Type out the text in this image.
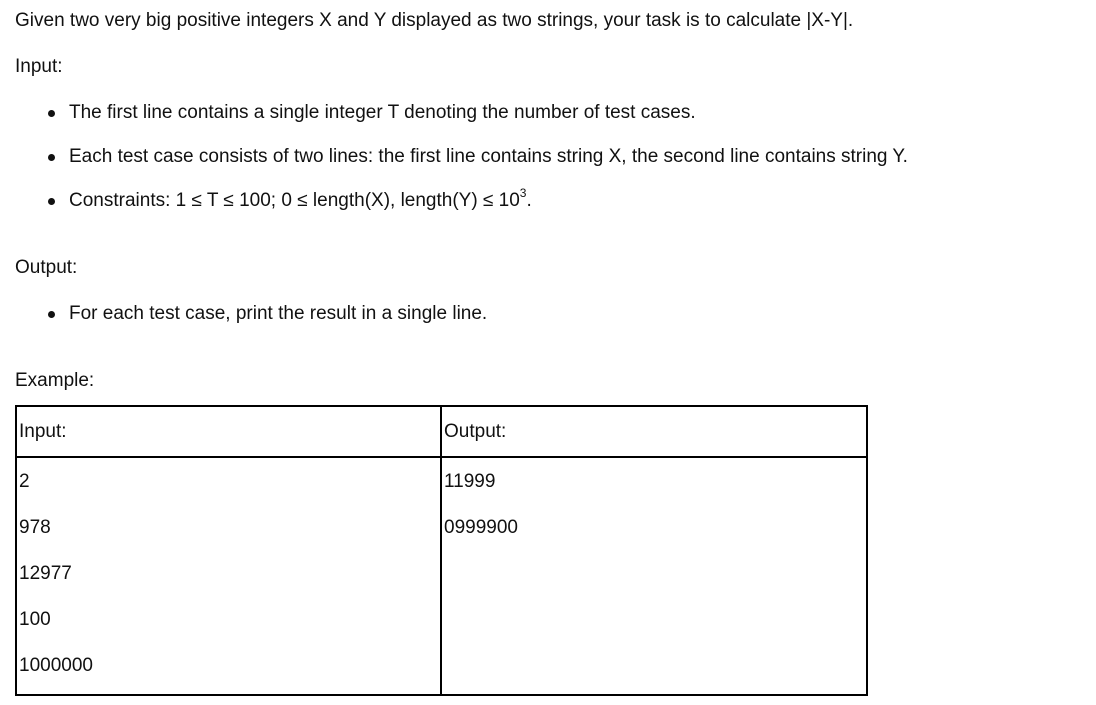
Given two very big positive integers X and Y displayed as two strings, your task is to calculate |X-Y|.

Input:
The first line contains a single integer T denoting the number of test cases.
Each test case consists of two lines: the first line contains string X, the second line contains string Y.
Constraints: 1 ≤ T ≤ 100; 0 ≤ length(X), length(Y) ≤ $10^3$.
Output:
For each test case, print the result in a single line.
Example:
Input:
2
978
12977
100
1000000
Output:
11999
0999900
